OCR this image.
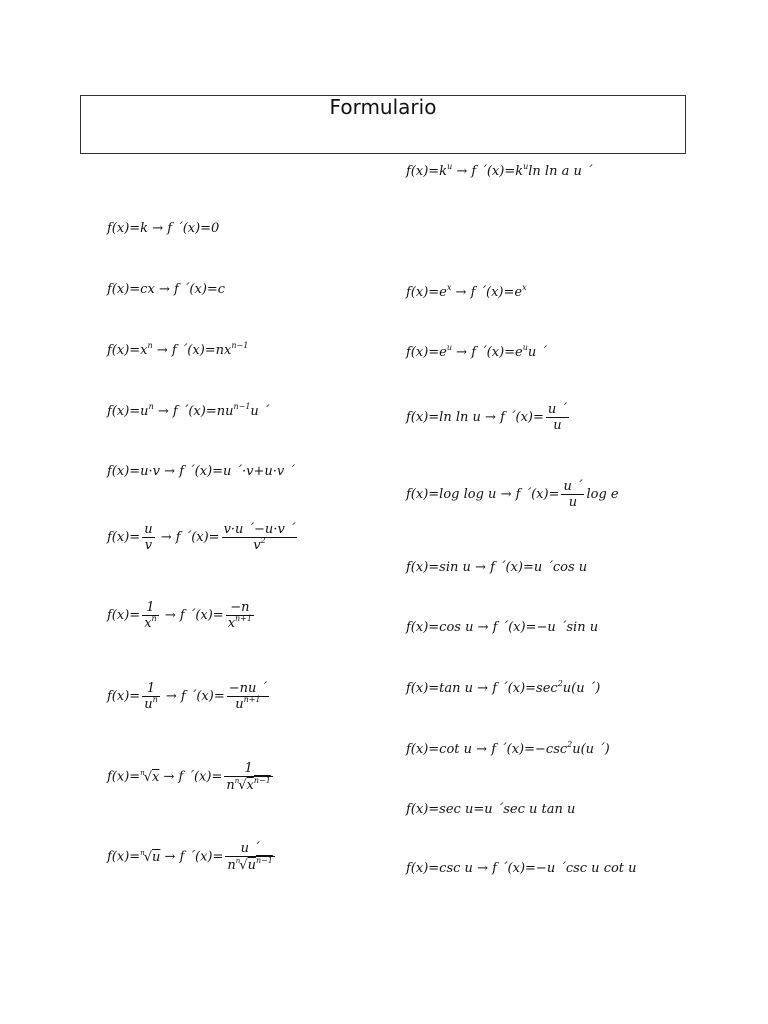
Formulario
f(x)=k → f ´(x)=0
f(x)=cx → f ´(x)=c
$f(x)=x^n \to f$ $´(x)=nx^{n-1}$
$f(x)=u^n \to f$ $´(x)=nu^{n-1}u$ ´
f(x)=u·v → f ´(x)=u ´·v+u·v ´
$f(x)= \frac{u}{v} \to f$ ´(x)= $\frac{v\cdot u ´-u\cdot v ´}{v^2}$
$f(x)= \frac{1}{x^n} \to f$ ´(x)= $\frac{-n}{x^{n+1}}$
$f(x)= \frac{1}{u^n} \to f$ ´(x)= $\frac{-nu ´}{u^{n+1}}$
f(x)=$^n$√x → f ´(x)= $\frac{1}{n^n√x^{n-1}}$
f(x)=$^n$√u → f ´(x)= $\frac{u ´}{n^n√u^{n-1}}$
$f(x)=k^u \to f$ $´(x)=k^u\ln$ ln a u ´
$f(x)=e^x \to f$ $´(x)=e^x$
$f(x)=e^u \to f$ $´(x)=e^uu$ ´
f(x)=ln ln u → f ´(x)= $\frac{u ´}{u}$
f(x)=log log u → f ´(x)= $\frac{u ´}{u}$ log e
f(x)=sin u → f ´(x)=u ´cos u
f(x)=cos u → f ´(x)=−u ´sin u
f(x)=tan u → f $´(x)=\sec^2u(u$ ´)
f(x)=cot u → f $´(x)=-\csc^2u(u$ ´)
f(x)=sec u=u ´sec u tan u
f(x)=csc u → f ´(x)=−u ´csc u cot u
